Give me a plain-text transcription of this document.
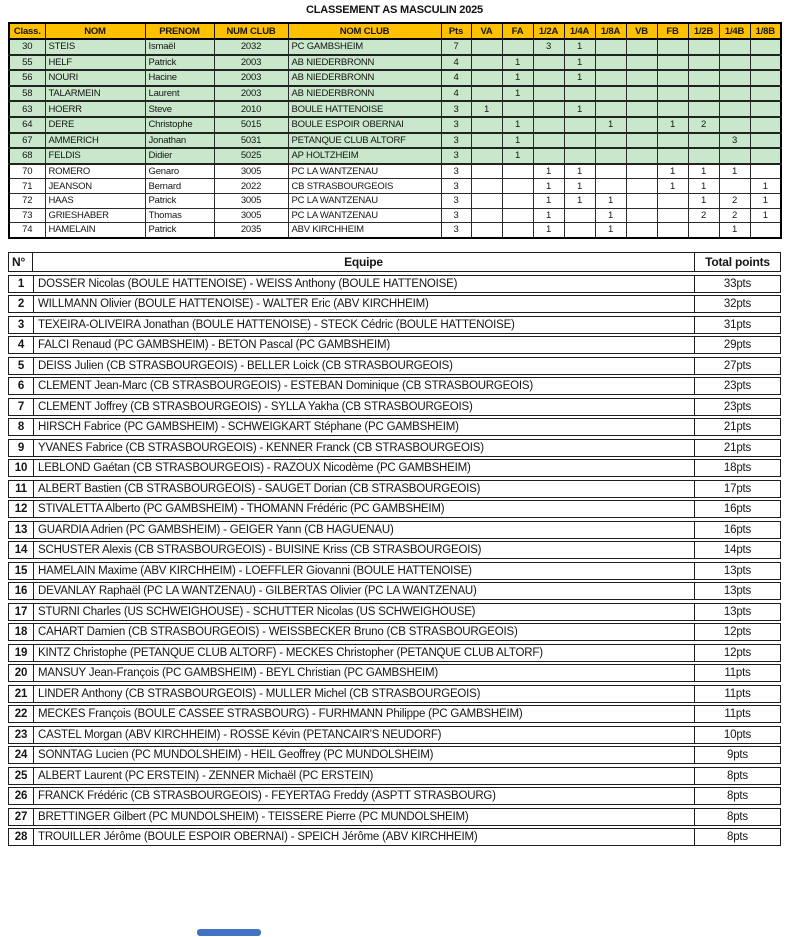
CLASSEMENT AS MASCULIN 2025
Class.	NOM	PRENOM	NUM CLUB	NOM CLUB	Pts	VA	FA	1/2A	1/4A	1/8A	VB	FB	1/2B	1/4B	1/8B
30	STEIS	Ismaël	2032	PC GAMBSHEIM	7			3	1						
55	HELF	Patrick	2003	AB NIEDERBRONN	4		1		1						
56	NOURI	Hacine	2003	AB NIEDERBRONN	4		1		1						
58	TALARMEIN	Laurent	2003	AB NIEDERBRONN	4		1								
63	HOERR	Steve	2010	BOULE HATTENOISE	3	1			1						
64	DERE	Christophe	5015	BOULE ESPOIR OBERNAI	3		1			1		1	2		
67	AMMERICH	Jonathan	5031	PETANQUE CLUB ALTORF	3		1							3	
68	FELDIS	Didier	5025	AP HOLTZHEIM	3		1								
70	ROMERO	Genaro	3005	PC LA WANTZENAU	3			1	1			1	1	1	
71	JEANSON	Bernard	2022	CB STRASBOURGEOIS	3			1	1			1	1		1
72	HAAS	Patrick	3005	PC LA WANTZENAU	3			1	1	1			1	2	1
73	GRIESHABER	Thomas	3005	PC LA WANTZENAU	3			1		1			2	2	1
74	HAMELAIN	Patrick	2035	ABV KIRCHHEIM	3			1		1				1	
N°	Equipe	Total points
1	DOSSER Nicolas (BOULE HATTENOISE) - WEISS Anthony (BOULE HATTENOISE)	33pts
2	WILLMANN Olivier (BOULE HATTENOISE) - WALTER Eric (ABV KIRCHHEIM)	32pts
3	TEXEIRA-OLIVEIRA Jonathan (BOULE HATTENOISE) - STECK Cédric (BOULE HATTENOISE)	31pts
4	FALCI Renaud (PC GAMBSHEIM) - BETON Pascal (PC GAMBSHEIM)	29pts
5	DEISS Julien (CB STRASBOURGEOIS) - BELLER Loick (CB STRASBOURGEOIS)	27pts
6	CLEMENT Jean-Marc (CB STRASBOURGEOIS) - ESTEBAN Dominique (CB STRASBOURGEOIS)	23pts
7	CLEMENT Joffrey (CB STRASBOURGEOIS) - SYLLA Yakha (CB STRASBOURGEOIS)	23pts
8	HIRSCH Fabrice (PC GAMBSHEIM) - SCHWEIGKART Stéphane (PC GAMBSHEIM)	21pts
9	YVANES Fabrice (CB STRASBOURGEOIS) - KENNER Franck (CB STRASBOURGEOIS)	21pts
10 LEBLOND Gaétan (CB STRASBOURGEOIS) - RAZOUX Nicodème (PC GAMBSHEIM)	18pts
11 ALBERT Bastien (CB STRASBOURGEOIS) - SAUGET Dorian (CB STRASBOURGEOIS)	17pts
12 STIVALETTA Alberto (PC GAMBSHEIM) - THOMANN Frédéric (PC GAMBSHEIM)	16pts
13 GUARDIA Adrien (PC GAMBSHEIM) - GEIGER Yann (CB HAGUENAU)	16pts
14 SCHUSTER Alexis (CB STRASBOURGEOIS) - BUISINE Kriss (CB STRASBOURGEOIS)	14pts
15 HAMELAIN Maxime (ABV KIRCHHEIM) - LOEFFLER Giovanni (BOULE HATTENOISE)	13pts
16 DEVANLAY Raphaël (PC LA WANTZENAU) - GILBERTAS Olivier (PC LA WANTZENAU)	13pts
17 STURNI Charles (US SCHWEIGHOUSE) - SCHUTTER Nicolas (US SCHWEIGHOUSE)	13pts
18 CAHART Damien (CB STRASBOURGEOIS) - WEISSBECKER Bruno (CB STRASBOURGEOIS)	12pts
19 KINTZ Christophe (PETANQUE CLUB ALTORF) - MECKES Christopher (PETANQUE CLUB ALTORF)	12pts
20 MANSUY Jean-François (PC GAMBSHEIM) - BEYL Christian (PC GAMBSHEIM)	11pts
21 LINDER Anthony (CB STRASBOURGEOIS) - MULLER Michel (CB STRASBOURGEOIS)	11pts
22 MECKES François (BOULE CASSEE STRASBOURG) - FURHMANN Philippe (PC GAMBSHEIM)	11pts
23 CASTEL Morgan (ABV KIRCHHEIM) - ROSSE Kévin (PETANCAIR'S NEUDORF)	10pts
24 SONNTAG Lucien (PC MUNDOLSHEIM) - HEIL Geoffrey (PC MUNDOLSHEIM)	9pts
25 ALBERT Laurent (PC ERSTEIN) - ZENNER Michaël (PC ERSTEIN)	8pts
26 FRANCK Frédéric (CB STRASBOURGEOIS) - FEYERTAG Freddy (ASPTT STRASBOURG)	8pts
27 BRETTINGER Gilbert (PC MUNDOLSHEIM) - TEISSERE Pierre (PC MUNDOLSHEIM)	8pts
28 TROUILLER Jérôme (BOULE ESPOIR OBERNAI) - SPEICH Jérôme (ABV KIRCHHEIM)	8pts
